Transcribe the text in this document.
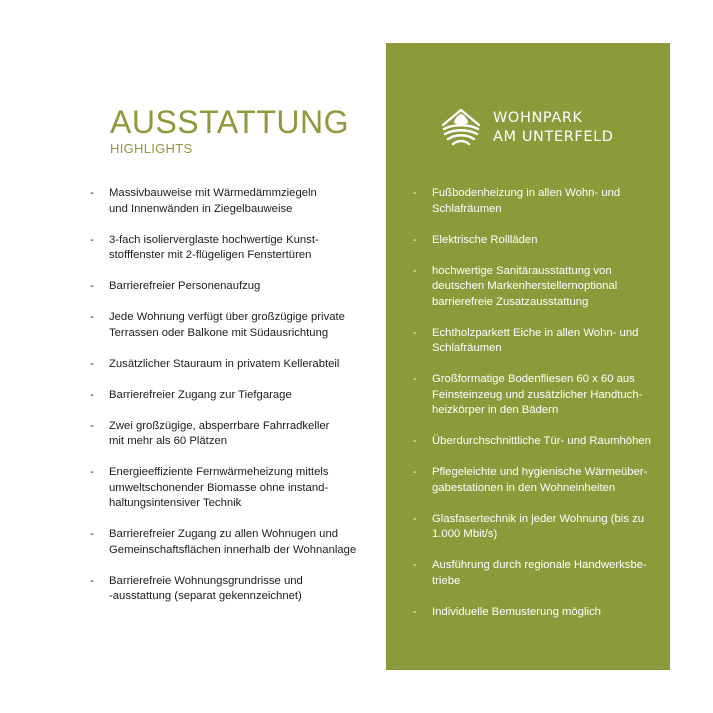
AUSSTATTUNG
HIGHLIGHTS
-	Massivbauweise mit Wärmedämmziegeln
und Innenwänden in Ziegelbauweise
-	3-fach isolierverglaste hochwertige Kunst-
stofffenster mit 2-flügeligen Fenstertüren
-	Barrierefreier Personenaufzug
-	Jede Wohnung verfügt über großzügige private
Terrassen oder Balkone mit Südausrichtung
-	Zusätzlicher Stauraum in privatem Kellerabteil
-	Barrierefreier Zugang zur Tiefgarage
-	Zwei großzügige, absperrbare Fahrradkeller
mit mehr als 60 Plätzen
-	Energieeffiziente Fernwärmeheizung mittels
umweltschonender Biomasse ohne instand-
haltungsintensiver Technik
-	Barrierefreier Zugang zu allen Wohnugen und
Gemeinschaftsflächen innerhalb der Wohnanlage
-	Barrierefreie Wohnungsgrundrisse und
-ausstattung (separat gekennzeichnet)
WOHNPARK
AM UNTERFELD
-	Fußbodenheizung in allen Wohn- und
Schlafräumen
-	Elektrische Rollläden
-	hochwertige Sanitärausstattung von
deutschen Markenherstellernoptional
barrierefreie Zusatzausstattung
-	Echtholzparkett Eiche in allen Wohn- und
Schlafräumen
-	Großformatige Bodenfliesen 60 x 60 aus
Feinsteinzeug und zusätzlicher Handtuch-
heizkörper in den Bädern
-	Überdurchschnittliche Tür- und Raumhöhen
-	Pflegeleichte und hygienische Wärmeüber-
gabestationen in den Wohneinheiten
-	Glasfasertechnik in jeder Wohnung (bis zu
1.000 Mbit/s)
-	Ausführung durch regionale Handwerksbe-
triebe
-	Individuelle Bemusterung möglich
